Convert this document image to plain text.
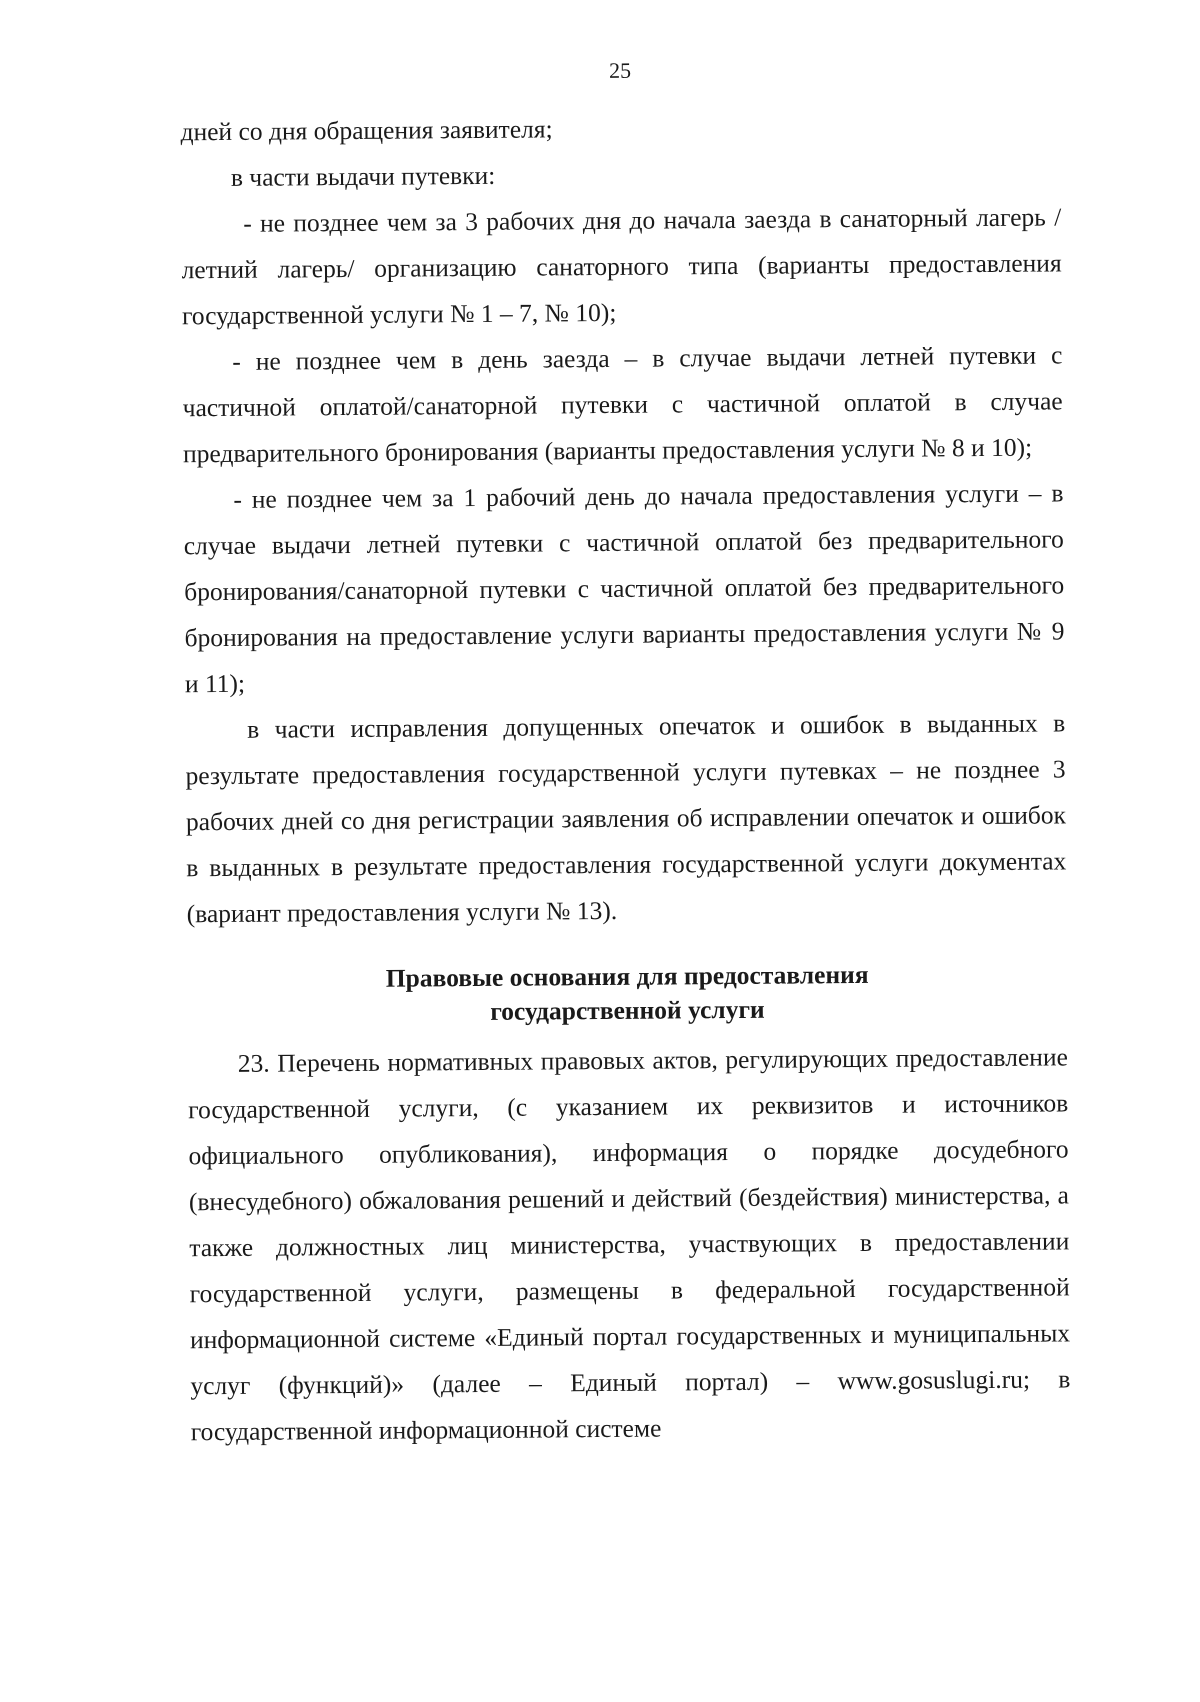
25

дней со дня обращения заявителя;

в части выдачи путевки:

- не позднее чем за 3 рабочих дня до начала заезда в санаторный лагерь / летний лагерь/ организацию санаторного типа (варианты предоставления государственной услуги № 1 – 7, № 10);

- не позднее чем в день заезда – в случае выдачи летней путевки с частичной оплатой/санаторной путевки с частичной оплатой в случае предварительного бронирования (варианты предоставления услуги № 8 и 10);

- не позднее чем за 1 рабочий день до начала предоставления услуги – в случае выдачи летней путевки с частичной оплатой без предварительного бронирования/санаторной путевки с частичной оплатой без предварительного бронирования на предоставление услуги варианты предоставления услуги № 9 и 11);

в части исправления допущенных опечаток и ошибок в выданных в результате предоставления государственной услуги путевках – не позднее 3 рабочих дней со дня регистрации заявления об исправлении опечаток и ошибок в выданных в результате предоставления государственной услуги документах (вариант предоставления услуги № 13).

Правовые основания для предоставления
государственной услуги

23. Перечень нормативных правовых актов, регулирующих предоставление государственной услуги, (с указанием их реквизитов и источников официального опубликования), информация о порядке досудебного (внесудебного) обжалования решений и действий (бездействия) министерства, а также должностных лиц министерства, участвующих в предоставлении государственной услуги, размещены в федеральной государственной информационной системе «Единый портал государственных и муниципальных услуг (функций)» (далее – Единый портал) – www.gosuslugi.ru; в государственной информационной системе
